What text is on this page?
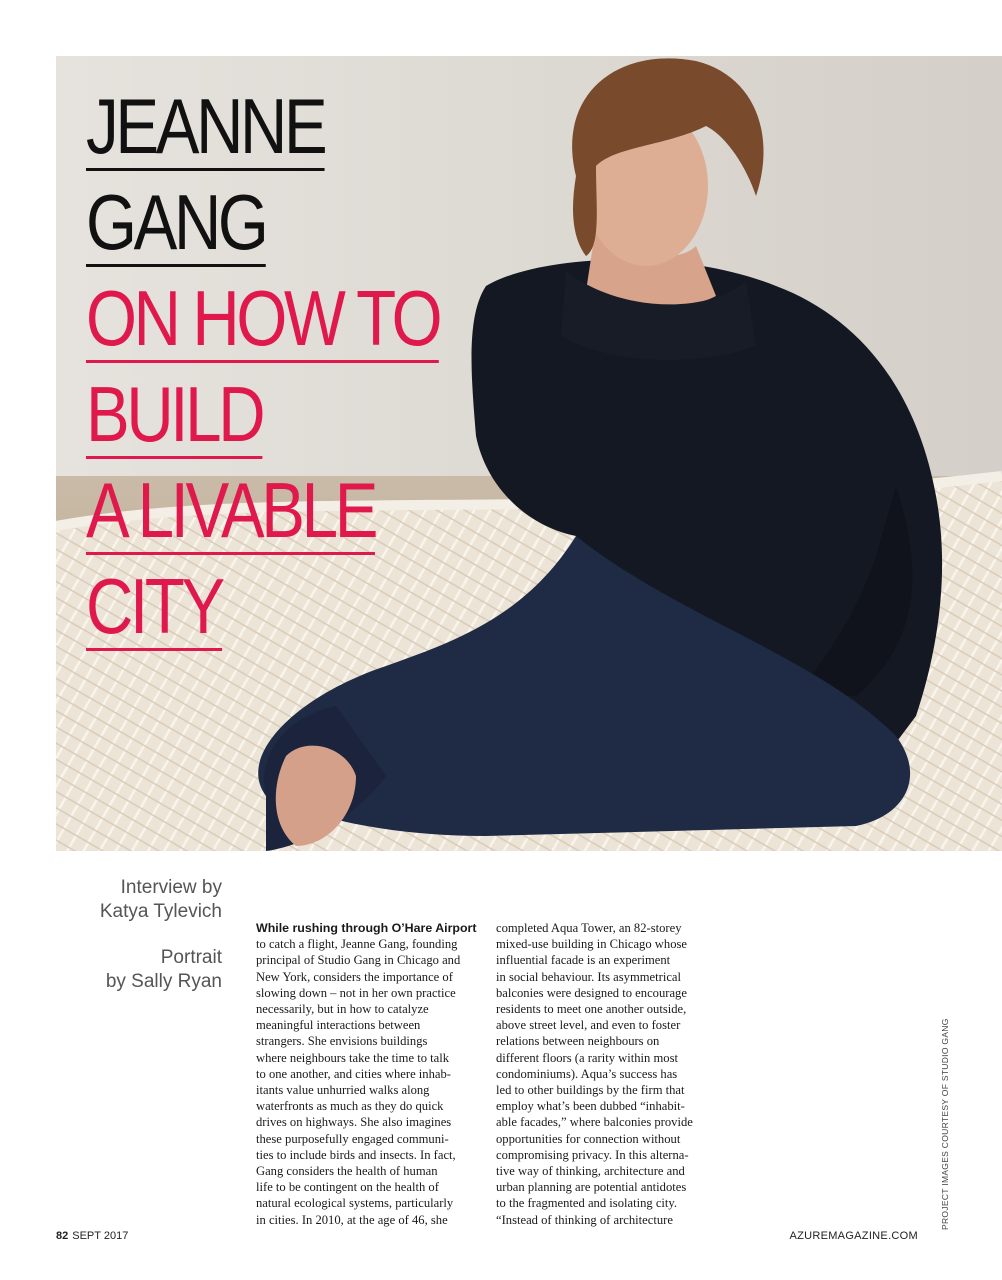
JEANNE
GANG
ON HOW TO
BUILD
A LIVABLE
CITY

Interview by
Katya Tylevich

Portrait
by Sally Ryan

While rushing through O’Hare Airport
to catch a flight, Jeanne Gang, founding
principal of Studio Gang in Chicago and
New York, considers the importance of
slowing down – not in her own practice
necessarily, but in how to catalyze
meaningful interactions between
strangers. She envisions buildings
where neighbours take the time to talk
to one another, and cities where inhab-
itants value unhurried walks along
waterfronts as much as they do quick
drives on highways. She also imagines
these purposefully engaged communi-
ties to include birds and insects. In fact,
Gang considers the health of human
life to be contingent on the health of
natural ecological systems, particularly
in cities. In 2010, at the age of 46, she
completed Aqua Tower, an 82-storey
mixed-use building in Chicago whose
influential facade is an experiment
in social behaviour. Its asymmetrical
balconies were designed to encourage
residents to meet one another outside,
above street level, and even to foster
relations between neighbours on
different floors (a rarity within most
condominiums). Aqua’s success has
led to other buildings by the firm that
employ what’s been dubbed “inhabit-
able facades,” where balconies provide
opportunities for connection without
compromising privacy. In this alterna-
tive way of thinking, architecture and
urban planning are potential antidotes
to the fragmented and isolating city.
“Instead of thinking of architecture	PROJECT IMAGES COURTESY OF STUDIO GANG
82 SEPT 2017	AZUREMAGAZINE.COM
